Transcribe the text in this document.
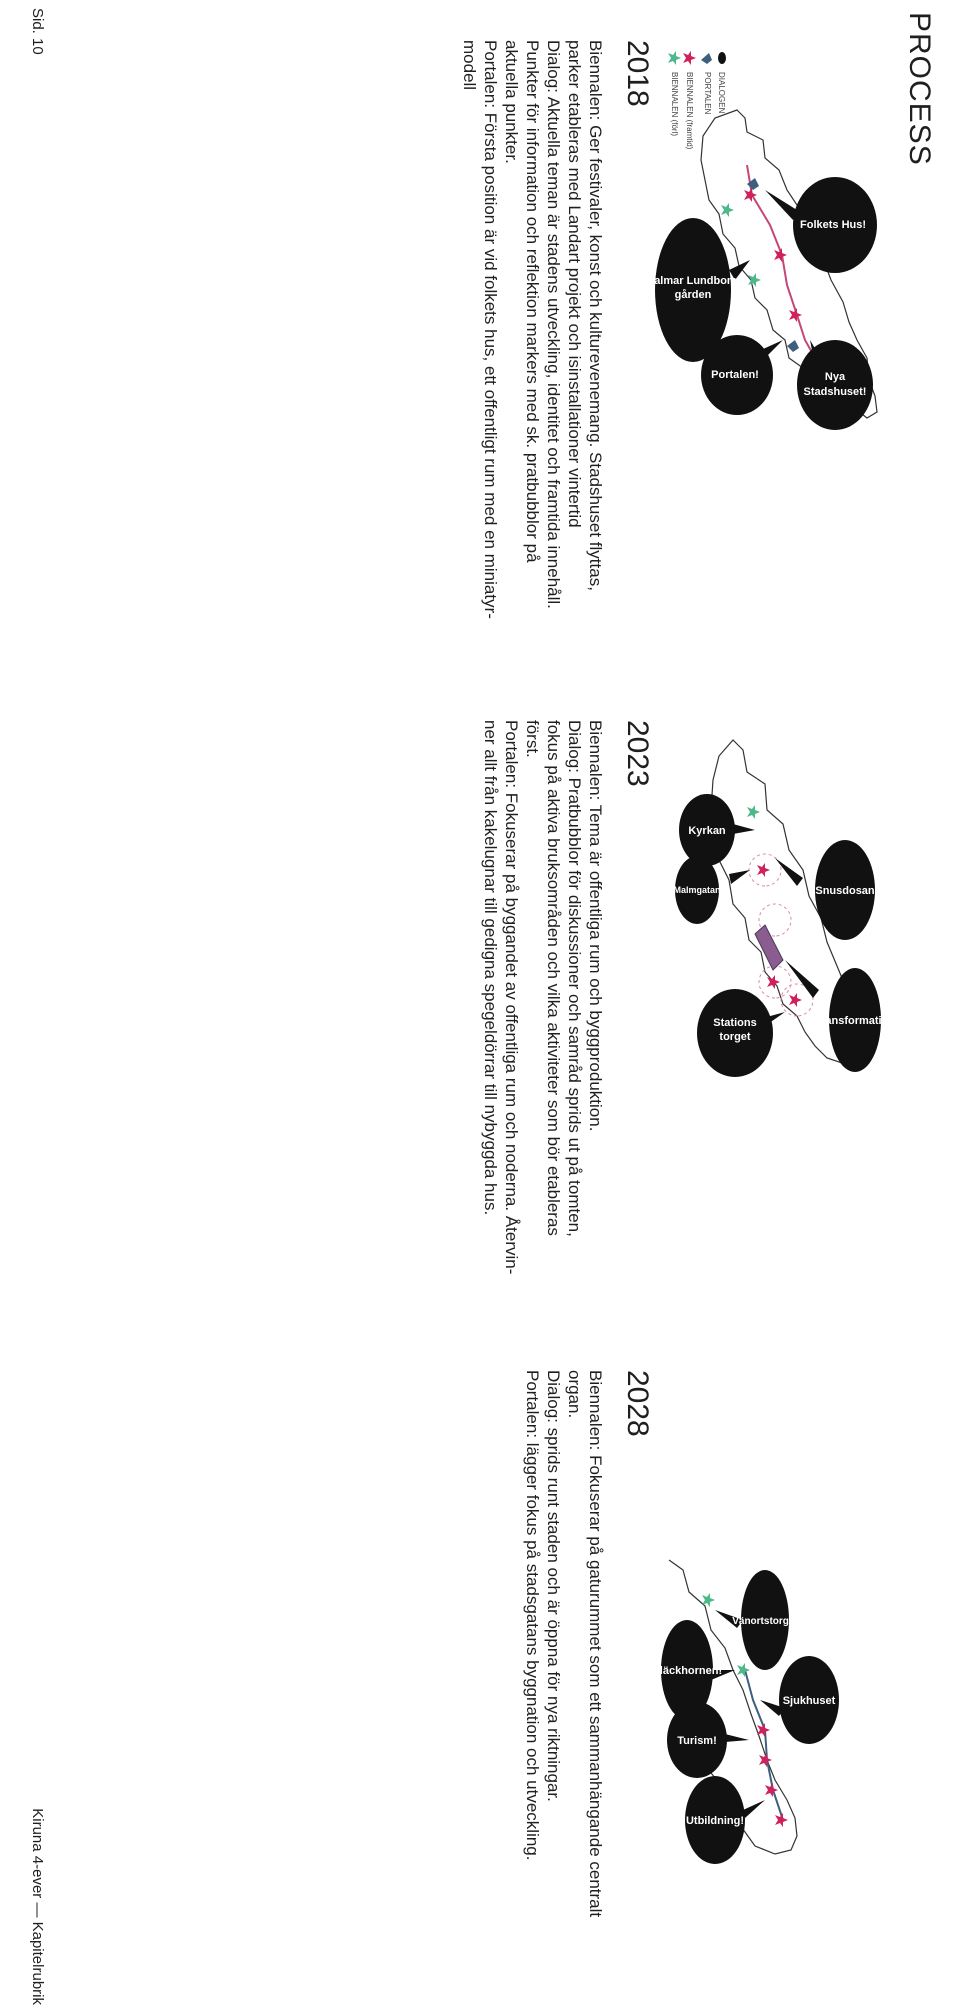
PROCESS
DIALOGEN
PORTALEN
BIENNALEN (framtid)
BIENNALEN (förl)
Folkets Hus!
Nya
Stadshuset!
Portalen!
Hjalmar Lundboms
gården
2018
Biennalen: Ger festivaler, konst och kulturevenemang. Stadshuset flyttas,
parker etableras med Landart projekt och isinstallationer vintertid
Dialog: Aktuella teman är stadens utveckling, identitet och framtida innehåll.
Punkter för information och reflektion markers med sk. pratbubblor på
aktuella punkter.
Portalen: Första position är vid folkets hus, ett offentligt rum med en miniatyr-
modell
Snusdosan
Transformation
Stations
torget
Kyrkan
Malmgatan
2023
Biennalen: Tema är offentliga rum och byggproduktion.
Dialog: Pratbubblor för diskussioner och samråd sprids ut på tomten,
fokus på aktiva bruksområden och vilka aktiviteter som bör etableras
först.
Portalen: Fokuserar på byggandet av offentliga rum och noderna. Återvin-
ner allt från kakelugnar till gedigna spegeldörrar till nybyggda hus.
Vänortstorget
Sjukhuset
Utbildning!
Turism!
Bläckhornen!
2028
Biennalen: Fokuserar på gaturummet som ett sammanhängande centralt
organ.
Dialog: sprids runt staden och är öppna för nya riktningar.
Portalen: lägger fokus på stadsgatans byggnation och utveckling.
Sid. 10
Kiruna 4-ever — Kapitelrubrik
